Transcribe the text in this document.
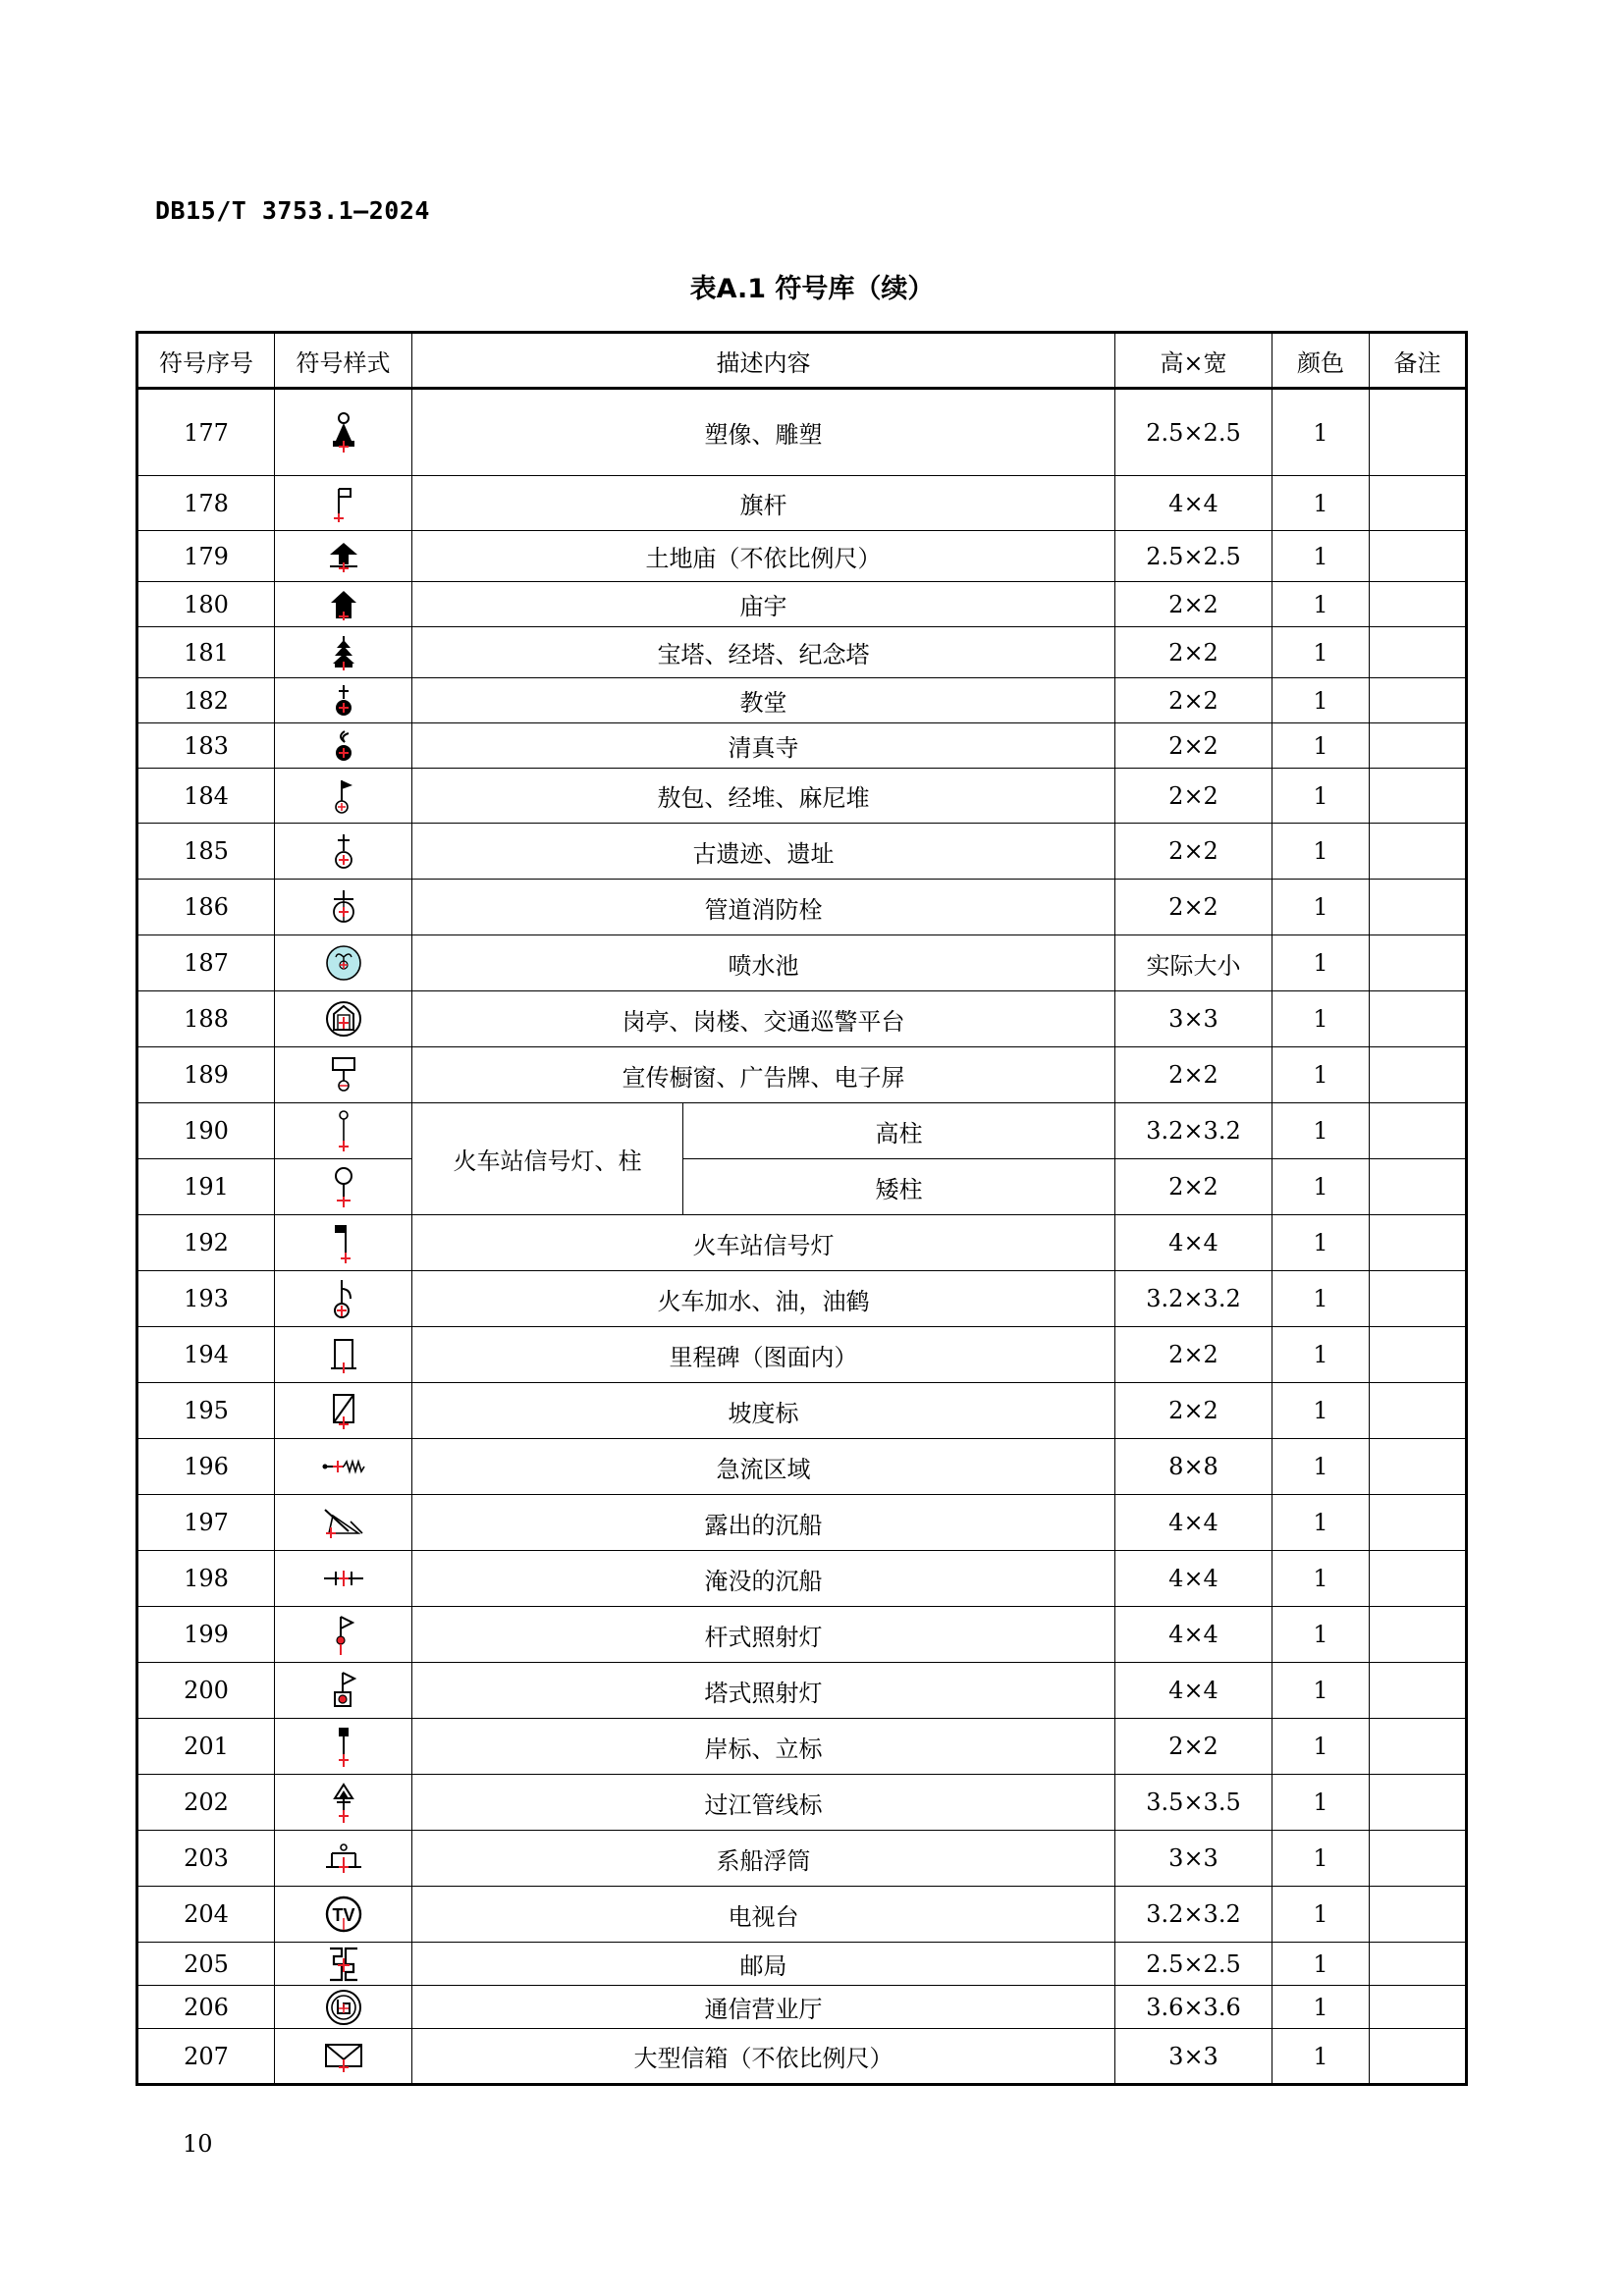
DB15/T 3753.1—2024
表A.1 符号库（续）
符号序号	符号样式	描述内容		高×宽	颜色	备注
177		塑像、雕塑		2.5×2.5	1	
178		旗杆		4×4	1	
179		土地庙（不依比例尺）		2.5×2.5	1	
180		庙宇		2×2	1	
181		宝塔、经塔、纪念塔		2×2	1	
182		教堂		2×2	1	
183		清真寺		2×2	1	
184		敖包、经堆、麻尼堆		2×2	1	
185		古遗迹、遗址		2×2	1	
186		管道消防栓		2×2	1	
187		喷水池		实际大小	1	
188		岗亭、岗楼、交通巡警平台		3×3	1	
189		宣传橱窗、广告牌、电子屏		2×2	1	
190		火车站信号灯、柱	高柱	3.2×3.2	1	
191			矮柱	2×2	1	
192		火车站信号灯		4×4	1	
193		火车加水、油，油鹤		3.2×3.2	1	
194		里程碑（图面内）		2×2	1	
195		坡度标		2×2	1	
196		急流区域		8×8	1	
197		露出的沉船		4×4	1	
198		淹没的沉船		4×4	1	
199		杆式照射灯		4×4	1	
200		塔式照射灯		4×4	1	
201		岸标、立标		2×2	1	
202		过江管线标		3.5×3.5	1	
203		系船浮筒		3×3	1	
204	TV	电视台		3.2×3.2	1	
205		邮局		2.5×2.5	1	
206		通信营业厅		3.6×3.6	1	
207		大型信箱（不依比例尺）		3×3	1	
10
